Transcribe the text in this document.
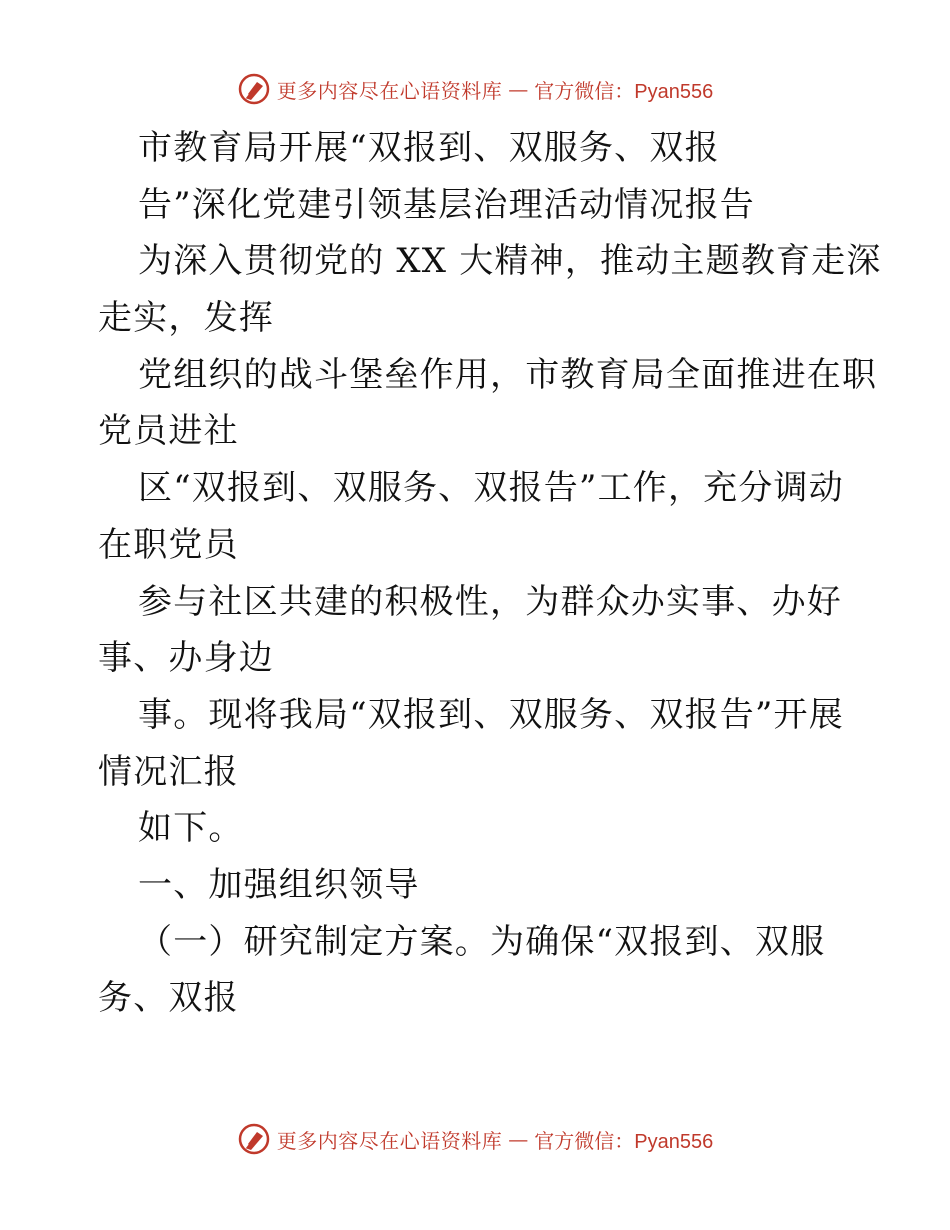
更多内容尽在心语资料库 — 官方微信：Pyan556
市教育局开展“双报到、双服务、双报
告”深化党建引领基层治理活动情况报告
为深入贯彻党的 XX 大精神，推动主题教育走深
走实，发挥
党组织的战斗堡垒作用，市教育局全面推进在职
党员进社
区“双报到、双服务、双报告”工作，充分调动
在职党员
参与社区共建的积极性，为群众办实事、办好
事、办身边
事。现将我局“双报到、双服务、双报告”开展
情况汇报
如下。
一、加强组织领导
（一）研究制定方案。为确保“双报到、双服
务、双报
更多内容尽在心语资料库 — 官方微信：Pyan556
